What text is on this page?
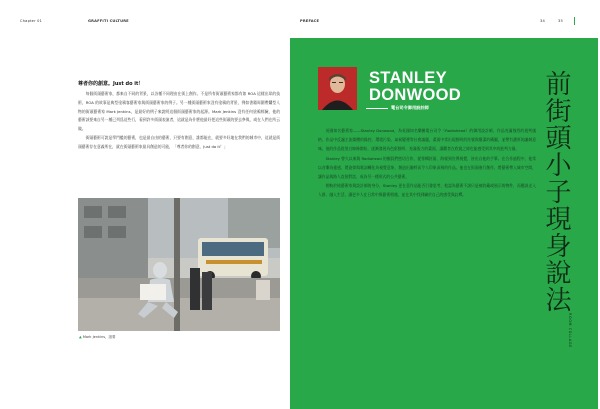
Chapter 01	GRAFFITI CULTURE	PREFACE	34	35
尊者你的創意。Just do it！

每個街頭藝術家，都來自不同的背景，以各種不同理由在街上創作。不是所有街頭藝術家都有如 ROA 這樣出眾的技術，ROA 的故事是典型塗鴉客藝術家與街頭藝術家的例子。另一種街頭藝術家沒有塗鴉的背景，例如書籍周圍帶爛型人物的街頭藝術家 Mark Jenkins，是最好的例子來說明這個街頭藝術家的起源。Mark Jenkins 沒有任何塗鴉經驗，他的藝術該要來自另一種已列爲這些行，看到許多街頭表演者，這就是為什麼他最好把這些街頭的要去參與，或在人們在所云做。

街頭藝術可說是學門檻的藝術，也是最自由的藝術，只要有創意，誰都能在，就要多好地在我們的城市中，這就是街頭藝術存在意義所在，就在街頭藝術家最具創造的可能，「尊者你的創意，Just do it！」

▲ Mark Jenkins，諸要
STANLEY
DONWOOD
電台司令御用設計師

英國知名藝術家——Stanley Donwood，為英國知名樂團電台司令（Radiohead）的御用設計師，作品充滿強烈的批判風格，作品中反諷主流媒體的操控、環境污染、氣候變遷等社會議題，畫面中常出現鮮明的符號與簡潔的構圖，並帶有濃厚的諷刺意味。他的作品從黑白線條開始，逐漸發展為色彩鮮明、充滿張力的畫面，讓觀者在欣賞之餘也能感受到其中的批判力量。

Stanley 曾久以來與 Radiohead 的團員們密切合作，從專輯封面、海報到宣傳視覺，皆出自他的手筆。在合作過程中，他常以音樂為靈感，將旋律與歌詞轉化為視覺意象，創造出獨特而令人印象深刻的作品。他也在街頭進行創作，將藝術帶入城市空間，讓作品與路人直接對話，成為另一種形式的公共藝術。

相較於純藝術家與設計師的身分，Stanley 更在意作品能否引發思考，他認為藝術不該只是被收藏或展示的物件，而應該走入人群、融入生活，讓更多人在日常中與藝術相遇，並在其中找到屬於自己的感受與詮釋。	前街頭小子現身說法
ROOM COLLAGE
